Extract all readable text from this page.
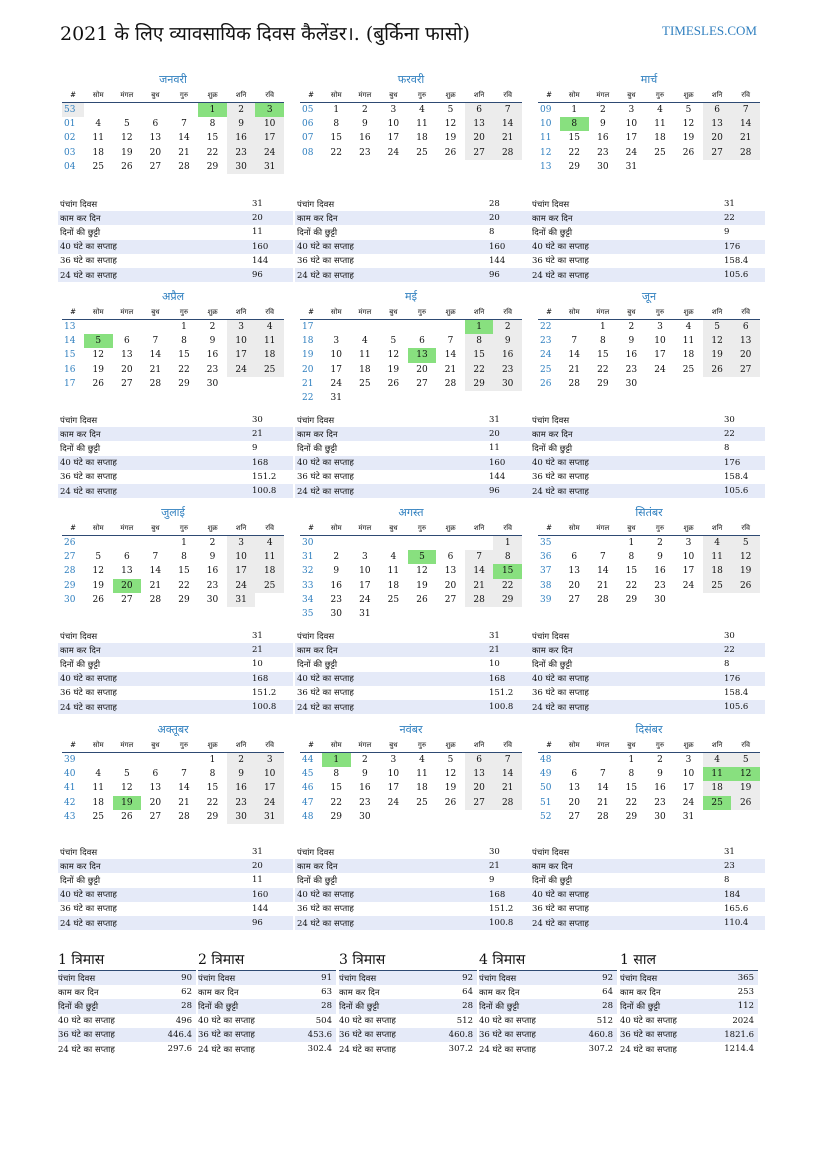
2021 के लिए व्यावसायिक दिवस कैलेंडर।. (बुर्किना फासो)	TIMESLES.COM
जनवरी
#	सोम	मंगल	बुध	गुरु	शुक्र	शनि	रवि
53					1	2	3
01	4	5	6	7	8	9	10
02	11	12	13	14	15	16	17
03	18	19	20	21	22	23	24
04	25	26	27	28	29	30	31
पंचांग दिवस	31
काम कर दिन	20
दिनों की छुट्टी	11
40 घंटे का सप्ताह	160
36 घंटे का सप्ताह	144
24 घंटे का सप्ताह	96
फरवरी
#	सोम	मंगल	बुध	गुरु	शुक्र	शनि	रवि
05	1	2	3	4	5	6	7
06	8	9	10	11	12	13	14
07	15	16	17	18	19	20	21
08	22	23	24	25	26	27	28
पंचांग दिवस	28
काम कर दिन	20
दिनों की छुट्टी	8
40 घंटे का सप्ताह	160
36 घंटे का सप्ताह	144
24 घंटे का सप्ताह	96
मार्च
#	सोम	मंगल	बुध	गुरु	शुक्र	शनि	रवि
09	1	2	3	4	5	6	7
10	8	9	10	11	12	13	14
11	15	16	17	18	19	20	21
12	22	23	24	25	26	27	28
13	29	30	31				
पंचांग दिवस	31
काम कर दिन	22
दिनों की छुट्टी	9
40 घंटे का सप्ताह	176
36 घंटे का सप्ताह	158.4
24 घंटे का सप्ताह	105.6
अप्रैल
#	सोम	मंगल	बुध	गुरु	शुक्र	शनि	रवि
13				1	2	3	4
14	5	6	7	8	9	10	11
15	12	13	14	15	16	17	18
16	19	20	21	22	23	24	25
17	26	27	28	29	30		
पंचांग दिवस	30
काम कर दिन	21
दिनों की छुट्टी	9
40 घंटे का सप्ताह	168
36 घंटे का सप्ताह	151.2
24 घंटे का सप्ताह	100.8
मई
#	सोम	मंगल	बुध	गुरु	शुक्र	शनि	रवि
17						1	2
18	3	4	5	6	7	8	9
19	10	11	12	13	14	15	16
20	17	18	19	20	21	22	23
21	24	25	26	27	28	29	30
22	31						
पंचांग दिवस	31
काम कर दिन	20
दिनों की छुट्टी	11
40 घंटे का सप्ताह	160
36 घंटे का सप्ताह	144
24 घंटे का सप्ताह	96
जून
#	सोम	मंगल	बुध	गुरु	शुक्र	शनि	रवि
22		1	2	3	4	5	6
23	7	8	9	10	11	12	13
24	14	15	16	17	18	19	20
25	21	22	23	24	25	26	27
26	28	29	30				
पंचांग दिवस	30
काम कर दिन	22
दिनों की छुट्टी	8
40 घंटे का सप्ताह	176
36 घंटे का सप्ताह	158.4
24 घंटे का सप्ताह	105.6
जुलाई
#	सोम	मंगल	बुध	गुरु	शुक्र	शनि	रवि
26				1	2	3	4
27	5	6	7	8	9	10	11
28	12	13	14	15	16	17	18
29	19	20	21	22	23	24	25
30	26	27	28	29	30	31	
पंचांग दिवस	31
काम कर दिन	21
दिनों की छुट्टी	10
40 घंटे का सप्ताह	168
36 घंटे का सप्ताह	151.2
24 घंटे का सप्ताह	100.8
अगस्त
#	सोम	मंगल	बुध	गुरु	शुक्र	शनि	रवि
30							1
31	2	3	4	5	6	7	8
32	9	10	11	12	13	14	15
33	16	17	18	19	20	21	22
34	23	24	25	26	27	28	29
35	30	31					
पंचांग दिवस	31
काम कर दिन	21
दिनों की छुट्टी	10
40 घंटे का सप्ताह	168
36 घंटे का सप्ताह	151.2
24 घंटे का सप्ताह	100.8
सितंबर
#	सोम	मंगल	बुध	गुरु	शुक्र	शनि	रवि
35			1	2	3	4	5
36	6	7	8	9	10	11	12
37	13	14	15	16	17	18	19
38	20	21	22	23	24	25	26
39	27	28	29	30			
पंचांग दिवस	30
काम कर दिन	22
दिनों की छुट्टी	8
40 घंटे का सप्ताह	176
36 घंटे का सप्ताह	158.4
24 घंटे का सप्ताह	105.6
अक्तूबर
#	सोम	मंगल	बुध	गुरु	शुक्र	शनि	रवि
39					1	2	3
40	4	5	6	7	8	9	10
41	11	12	13	14	15	16	17
42	18	19	20	21	22	23	24
43	25	26	27	28	29	30	31
पंचांग दिवस	31
काम कर दिन	20
दिनों की छुट्टी	11
40 घंटे का सप्ताह	160
36 घंटे का सप्ताह	144
24 घंटे का सप्ताह	96
नवंबर
#	सोम	मंगल	बुध	गुरु	शुक्र	शनि	रवि
44	1	2	3	4	5	6	7
45	8	9	10	11	12	13	14
46	15	16	17	18	19	20	21
47	22	23	24	25	26	27	28
48	29	30					
पंचांग दिवस	30
काम कर दिन	21
दिनों की छुट्टी	9
40 घंटे का सप्ताह	168
36 घंटे का सप्ताह	151.2
24 घंटे का सप्ताह	100.8
दिसंबर
#	सोम	मंगल	बुध	गुरु	शुक्र	शनि	रवि
48			1	2	3	4	5
49	6	7	8	9	10	11	12
50	13	14	15	16	17	18	19
51	20	21	22	23	24	25	26
52	27	28	29	30	31		
पंचांग दिवस	31
काम कर दिन	23
दिनों की छुट्टी	8
40 घंटे का सप्ताह	184
36 घंटे का सप्ताह	165.6
24 घंटे का सप्ताह	110.4
1 त्रिमास
पंचांग दिवस	90
काम कर दिन	62
दिनों की छुट्टी	28
40 घंटे का सप्ताह	496
36 घंटे का सप्ताह	446.4
24 घंटे का सप्ताह	297.6
2 त्रिमास
पंचांग दिवस	91
काम कर दिन	63
दिनों की छुट्टी	28
40 घंटे का सप्ताह	504
36 घंटे का सप्ताह	453.6
24 घंटे का सप्ताह	302.4
3 त्रिमास
पंचांग दिवस	92
काम कर दिन	64
दिनों की छुट्टी	28
40 घंटे का सप्ताह	512
36 घंटे का सप्ताह	460.8
24 घंटे का सप्ताह	307.2
4 त्रिमास
पंचांग दिवस	92
काम कर दिन	64
दिनों की छुट्टी	28
40 घंटे का सप्ताह	512
36 घंटे का सप्ताह	460.8
24 घंटे का सप्ताह	307.2
1 साल
पंचांग दिवस	365
काम कर दिन	253
दिनों की छुट्टी	112
40 घंटे का सप्ताह	2024
36 घंटे का सप्ताह	1821.6
24 घंटे का सप्ताह	1214.4
